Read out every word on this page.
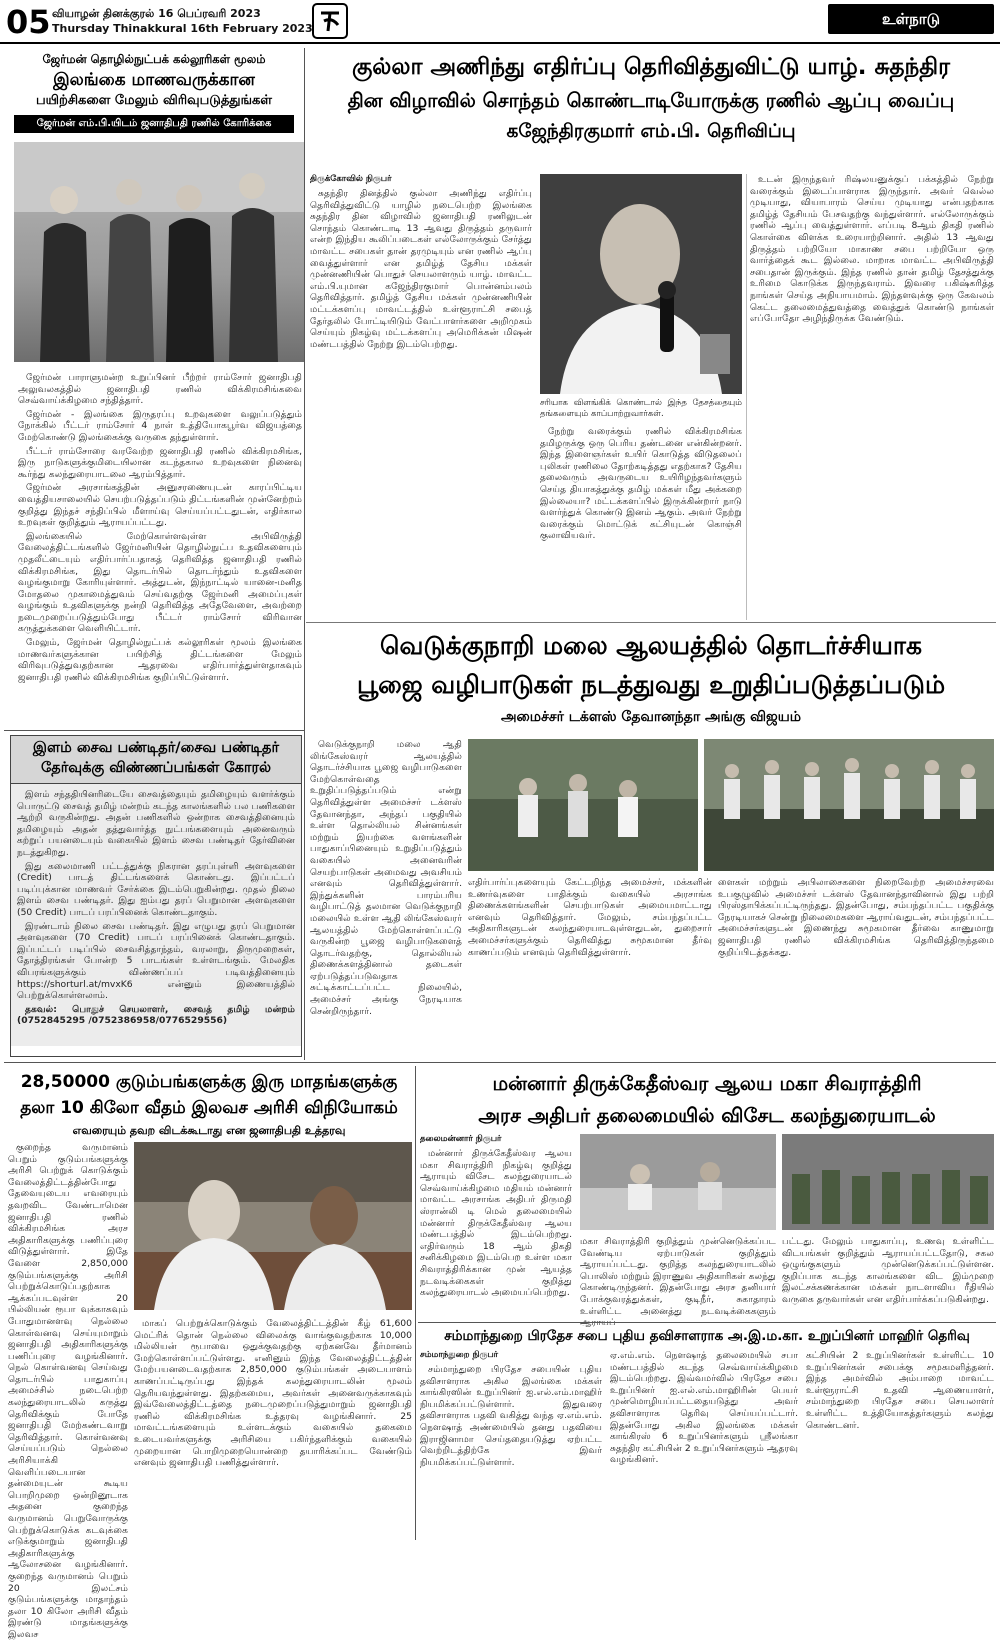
05 வியாழன் தினக்குரல் 16 பெப்ரவரி 2023
Thursday Thinakkural 16th February 2023
உள்நாடு
ஜேர்மன் தொழில்நுட்பக் கல்லூரிகள் மூலம்
இலங்கை மாணவருக்கான
பயிற்சிகளை மேலும் விரிவுபடுத்துங்கள்
ஜேர்மன் எம்.பி.யிடம் ஜனாதிபதி ரணில் கோரிக்கை

ஜேர்மன் பாராளுமன்ற உறுப்பினர் பீற்றர் ராம்சோர் ஜனாதிபதி அலுவலகத்தில் ஜனாதிபதி ரணில் விக்கிரமசிங்கவை செவ்வாய்க்கிழமை சந்தித்தார்.

ஜேர்மன் - இலங்கை இருதரப்பு உறவுகளை வலுப்படுத்தும் நோக்கில் பீட்டர் ராம்சோர் 4 நாள் உத்தியோகபூர்வ விஜயத்தை மேற்கொண்டு இலங்கைக்கு வருகை தந்துள்ளார்.

பீட்டர் ராம்சோரை வரவேற்ற ஜனாதிபதி ரணில் விக்கிரமசிங்க, இரு நாடுகளுக்குமிடையிலான கடந்தகால உறவுகளை நினைவு கூர்ந்து கலந்துரையாடலை ஆரம்பித்தார்.

ஜேர்மன் அரசாங்கத்தின் அனுசரணையுடன் காரப்பிட்டிய வைத்தியசாலையில் செயற்படுத்தப்படும் திட்டங்களின் முன்னேற்றம் குறித்து இந்தச் சந்திப்பில் மீளாய்வு செய்யப்பட்டதுடன், எதிர்கால உறவுகள் குறித்தும் ஆராயப்பட்டது.

இலங்கையில் மேற்கொள்ளவுள்ள அபிவிருத்தி வேலைத்திட்டங்களில் ஜேர்மனியின் தொழில்நுட்ப உதவிகளையும் முதலீட்டையும் எதிர்பார்ப்பதாகத் தெரிவித்த ஜனாதிபதி ரணில் விக்கிரமசிங்க, இது தொடர்பில் தொடர்ந்தும் உதவிகளை வழங்குமாறு கோரியுள்ளார். அத்துடன், இந்நாட்டில் யானை-மனித மோதலை முகாமைத்துவம் செய்வதற்கு ஜேர்மனி அமைப்புகள் வழங்கும் உதவிகளுக்கு நன்றி தெரிவித்த அதேவேளை, அவற்றை நடைமுறைப்படுத்தும்போது பீட்டர் ராம்சோர் விரிவான கருத்துக்களை வெளியிட்டார்.

மேலும், ஜேர்மன் தொழில்நுட்பக் கல்லூரிகள் மூலம் இலங்கை மாணவர்களுக்கான பயிற்சித் திட்டங்களை மேலும் விரிவுபடுத்துவதற்கான ஆதரவை எதிர்பார்த்துள்ளதாகவும் ஜனாதிபதி ரணில் விக்கிரமசிங்க குறிப்பிட்டுள்ளார்.

இளம் சைவ பண்டிதர்/சைவ பண்டிதர்
தேர்வுக்கு விண்ணப்பங்கள் கோரல்

இளம் சந்ததியினரிடையே சைவத்தையும் தமிழையும் வளர்க்கும் பொருட்டு சைவத் தமிழ் மன்றம் கடந்த காலங்களில் பல பணிகளை ஆற்றி வருகின்றது. அதன் பணிகளில் ஒன்றாக சைவத்தினையும் தமிழையும் அதன் தத்துவார்த்த நுட்பங்களையும் அனைவரும் கற்றுப் பயனடையும் வகையில் இளம் சைவ பண்டிதர் தேர்வினை நடத்துகிறது.

இது கலைமாணி பட்டத்துக்கு நிகரான தரப்புள்ளி அளவுகளை (Credit) பாடத் திட்டங்களைக் கொண்டது. இப்பட்டப் படிப்புக்கான மாணவர் சேர்க்கை இடம்பெறுகின்றது. முதல் நிலை இளம் சைவ பண்டிதர். இது ஐம்பது தரப் பெறுமான அளவுகளை (50 Credit) பாடப் பரப்பினைக் கொண்டதாகும்.

இரண்டாம் நிலை சைவ பண்டிதர். இது எழுபது தரப் பெறுமான அளவுகளை (70 Credit) பாடப் பரப்பினைக் கொண்டதாகும். இப்பட்டப் படிப்பில் சைவசித்தாந்தம், வரலாறு, திருமுறைகள், தோத்திரங்கள் போன்ற 5 பாடங்கள் உள்ளடங்கும். மேலதிக விபரங்களுக்கும் விண்ணப்பப் படிவத்தினையும் https://shorturl.at/mvxK6 என்னும் இணையத்தில் பெற்றுக்கொள்ளலாம்.

தகவல்: பொதுச் செயலாளர், சைவத் தமிழ் மன்றம் (0752845295 /0752386958/0776529556)

குல்லா அணிந்து எதிர்ப்பு தெரிவித்துவிட்டு யாழ். சுதந்திர
தின விழாவில் சொந்தம் கொண்டாடியோருக்கு ரணில் ஆப்பு வைப்பு
கஜேந்திரகுமார் எம்.பி. தெரிவிப்பு
திருக்கோவில் நிருபர்
சுதந்திர தினத்தில் குல்லா அணிந்து எதிர்ப்பு தெரிவித்துவிட்டு யாழில் நடைபெற்ற இலங்கை சுதந்திர தின விழாவில் ஜனாதிபதி ரணிலுடன் சொந்தம் கொண்டாடி 13 ஆவது திருத்தம் தருவார் என்ற இந்திய கூலிப்படைகள் எல்லோருக்கும் சேர்த்து மாவட்ட சபைகள் தான் தரமுடியும் என ரணில் ஆப்பு வைத்துள்ளார் என தமிழ்த் தேசிய மக்கள் முன்னணியின் பொதுச் செயலாளரும் யாழ். மாவட்ட எம்.பி.யுமான கஜேந்திரகுமார் பொன்னம்பலம் தெரிவித்தார். தமிழ்த் தேசிய மக்கள் முன்னணியின் மட்டக்களப்பு மாவட்டத்தில் உள்ளூராட்சி சபைத் தேர்தலில் போட்டியிடும் வேட்பாளர்களை அறிமுகம் செய்யும் நிகழ்வு மட்டக்களப்பு அமெரிக்கன் மிஷன் மண்டபத்தில் நேற்று இடம்பெற்றது.
சரியாக விளங்கிக் கொண்டால் இந்த தேசத்தையும் தங்களையும் காப்பாற்றுவார்கள்.
நேற்று வரைக்கும் ரணில் விக்கிரமசிங்க தமிழருக்கு ஒரு பெரிய தண்டனை என்கின்றனர். இந்த இளைஞர்கள் உயிர் கொடுத்த விடுதலைப் புலிகள் ரணிலை தோற்கடித்தது எதற்காக? தேசிய தலைவரும் அவருடைய உயிரிழந்தவர்களும் செய்த தியாகத்துக்கு தமிழ் மக்கள் மீது அக்கறை இல்லையா? மட்டக்களப்பில் இருக்கின்றார் நாடு வளர்ந்துக் கொண்டு இனம் ஆகும். அவர் நேற்று வரைக்கும் மொட்டுக் கட்சியுடன் கொஞ்சி குலாவியவர்.
உடன் இருந்தவர் ரிஷ்லயனுக்குப் பக்கத்தில் நேற்று வரைக்கும் இடைப்பாளராக இருந்தார். அவர் வெல்ல முடியாது, வியாபாரம் செய்ய முடியாது என்பதற்காக தமிழ்த் தேசியம் பேசவதற்கு வந்துள்ளார். எல்லோருக்கும் ரணில் ஆப்பு வைத்துள்ளார். எப்படி 8ஆம் திகதி ரணில் கொள்கை விளக்க உரையாற்றினார். அதில் 13 ஆவது திருத்தம் பற்றியோ மாகாண சபை பற்றியோ ஒரு வார்த்தைக் கூட இல்லை. மாறாக மாவட்ட அபிவிருத்தி சபைதான் இருக்கும். இந்த ரணில் தான் தமிழ் தேசத்துக்கு உரிமை கொடுக்க இருந்தவராம். இவரை பகிஷ்கரித்த நாங்கள் செய்த அநியாயமாம். இந்தளவுக்கு ஒரு கேவலம் கெட்ட தலைமைத்துவத்தை வைத்துக் கொண்டு நாங்கள் எப்போதோ அழிந்திருக்க வேண்டும்.
வெடுக்குநாறி மலை ஆலயத்தில் தொடர்ச்சியாக
பூஜை வழிபாடுகள் நடத்துவது உறுதிப்படுத்தப்படும்
அமைச்சர் டக்ளஸ் தேவானந்தா அங்கு விஜயம்
வெடுக்குநாறி மலை ஆதி லிங்கேஸ்வரர் ஆலயத்தில் தொடர்ச்சியாக பூஜை வழிபாடுகளை மேற்கொள்வதை உறுதிப்படுத்தப்படும் என்று தெரிவித்துள்ள அமைச்சர் டக்ளஸ் தேவானந்தா, அந்தப் பகுதியில் உள்ள தொல்லியல் சின்னங்கள் மற்றும் இயற்கை வளங்களின் பாதுகாப்பினையும் உறுதிப்படுத்தும் வகையில் அனைவரின் செயற்பாடுகள் அமைவது அவசியம் எனவும் தெரிவித்துள்ளார். இந்துக்களின் பாரம்பரிய வழிபாட்டுத் தலமான வெடுக்குநாறி மலையில் உள்ள ஆதி லிங்கேஸ்வரர் ஆலயத்தில் மேற்கொள்ளப்பட்டு வருகின்ற பூஜை வழிபாடுகளைத் தொடர்வதற்கு, தொல்லியல் திணைக்களத்தினால் தடைகள் ஏற்படுத்தப்படுவதாக சுட்டிக்காட்டப்பட்ட நிலையில், அமைச்சர் அங்கு நேரடியாக சென்றிருந்தார்.
எதிர்பார்ப்புகளையும் கேட்டறிந்த அமைச்சர், மக்களின் உணர்வுகளை பாதிக்கும் வகையில் அரசாங்க திணைக்களங்களின் செயற்பாடுகள் அமையமாட்டாது எனவும் தெரிவித்தார். மேலும், சம்பந்தப்பட்ட அதிகாரிகளுடன் கலந்துரையாடவுள்ளதுடன், துறைசார் அமைச்சர்களுக்கும் தெரிவித்து சுமூகமான தீர்வு காணப்படும் எனவும் தெரிவித்துள்ளார்.
ளைகள் மற்றும் அபிலாசைகளை நிறைவேற்ற அமைச்சரவை உபகுழுவில் அமைச்சர் டக்ளஸ் தேவானந்தாவினால் இது பற்றி பிரஸ்தாபிக்கப்பட்டிருந்தது. இதன்போது, சம்பந்தப்பட்ட பகுதிக்கு நேரடியாகச் சென்று நிலைமைகளை ஆராய்வதுடன், சம்பந்தப்பட்ட அமைச்சர்களுடன் இணைந்து சுமூகமான தீர்வை காணுமாறு ஜனாதிபதி ரணில் விக்கிரமசிங்க தெரிவித்திருந்தமை குறிப்பிடத்தக்கது.
28,50000 குடும்பங்களுக்கு இரு மாதங்களுக்கு
தலா 10 கிலோ வீதம் இலவச அரிசி விநியோகம்
எவரையும் தவற விடக்கூடாது என ஜனாதிபதி உத்தரவு
குறைந்த வருமானம் பெறும் குடும்பங்களுக்கு அரிசி பெற்றுக் கொடுக்கும் வேலைத்திட்டத்தின்போது தேவையுடைய எவரையும் தவறவிட வேண்டாமென ஜனாதிபதி ரணில் விக்கிரமசிங்க அரச அதிகாரிகளுக்கு பணிப்புரை விடுத்துள்ளார். இதே வேளை 2,850,000 குடும்பங்களுக்கு அரிசி பெற்றுக்கொடுப்பதற்காக ஆக்கப்படவுள்ள 20 பில்லியன் ரூபா வுக்காகவும் போதுமானளவு நெல்லை கொள்வனவு செய்யுமாறும் ஜனாதிபதி அதிகாரிகளுக்கு பணிப்புரை வழங்கினார். நெல் கொள்வனவு செய்வது தொடர்பில் பாதுகாப்பு அமைச்சில் நடைபெற்ற கலந்துரையாடலில் கருத்து தெரிவிக்கும் போதே ஜனாதிபதி மேற்கண்டவாறு தெரிவித்தார். கொள்வனவு செய்யப்படும் நெல்லை அரிசியாக்கி வெளிப்படையான தன்மையுடன் கூடிய பொறிமுறை ஒன்றினூடாக அதனை குறைந்த வருமானம் பெறுவோருக்கு பெற்றுக்கொடுக்க கடவுக்கை எடுக்குமாறும் ஜனாதிபதி அதிகாரிகளுக்கு ஆலோசனை வழங்கினார். குறைந்த வருமானம் பெறும் 20 இலட்சம் குடும்பங்களுக்கு மாதாந்தம் தலா 10 கிலோ அரிசி வீதம் இரண்டு மாதங்களுக்கு இலவச
மாகப் பெற்றுக்கொடுக்கும் வேலைத்திட்டத்தின் கீழ் 61,600 மெட்ரிக் தொன் நெல்லை விலைக்கு வாங்குவதற்காக 10,000 மில்லியன் ரூபாவை ஒதுக்குவதற்கு ஏற்கனவே தீர்மானம் மேற்கொள்ளப்பட்டுள்ளது. எனினும் இந்த வேலைத்திட்டத்தின் மேற்பயனடைவதற்காக 2,850,000 குடும்பங்கள் அடையாளம் காணப்பட்டிருப்பது இந்தக் கலந்துரையாடலின் மூலம் தெரியவந்துள்ளது. இதற்கமைய, அவர்கள் அனைவருக்காகவும் இவ்வேலைத்திட்டத்தை நடைமுறைப்படுத்துமாறும் ஜனாதிபதி ரணில் விக்கிரமசிங்க உத்தரவு வழங்கினார். 25 மாவட்டங்களையும் உள்ளடக்கும் வகையில் தகைமை உடையவர்களுக்கு அரிசியை பகிர்ந்தளிக்கும் வகையில் முறையான பொறிமுறையொன்றை தயாரிக்கப்பட வேண்டும் எனவும் ஜனாதிபதி பணித்துள்ளார்.
மன்னார் திருக்கேதீஸ்வர ஆலய மகா சிவராத்திரி
அரச அதிபர் தலைமையில் விசேட கலந்துரையாடல்
தலைமன்னார் நிருபர்
மன்னார் திருக்கேதீஸ்வர ஆலய மகா சிவராத்திரி நிகழ்வு குறித்து ஆராயும் விசேட கலந்துரையாடல் செவ்வாய்க்கிழமை மதியம் மன்னார் மாவட்ட அரசாங்க அதிபர் திருமதி ஸ்ரான்லி டி மெல் தலைமையில் மன்னார் திருக்கேதீஸ்வர ஆலய மண்டபத்தில் இடம்பெற்றது. எதிர்வரும் 18 ஆம் திகதி சனிக்கிழமை இடம்பெற உள்ள மகா சிவராத்திரிக்கான முன் ஆயத்த நடவடிக்கைகள் குறித்து கலந்துரையாடல் அமையப்பெற்றது.
மகா சிவராத்திரி குறித்தும் முன்னெடுக்கப்பட வேண்டிய ஏற்பாடுகள் குறித்தும் ஆராயப்பட்டது. குறித்த கலந்துரையாடலில் பொலிஸ் மற்றும் இராணுவ அதிகாரிகள் கலந்து கொண்டிருந்தனர். இதன்போது அரச தனியார் போக்குவரத்துக்கள், குடிநீர், சுகாதாரம் உள்ளிட்ட அனைத்து நடவடிக்கைகளும்
பட்டது. மேலும் பாதுகாப்பு, உணவு உள்ளிட்ட விடயங்கள் குறித்தும் ஆராயப்பட்டதோடு, சகல ஒழுங்குகளும் முன்னெடுக்கப்பட்டுள்ளன. குறிப்பாக கடந்த காலங்களை விட இம்முறை இலட்சக்கணக்கான மக்கள் நாடளாவிய ரீதியில் வருகை தருவார்கள் என எதிர்பார்க்கப்படுகின்றது.
சம்மாந்துறை பிரதேச சபை புதிய தவிசாளராக அ.இ.ம.கா. உறுப்பினர் மாஹிர் தெரிவு
சம்மாந்துறை நிருபர்
சம்மாந்துறை பிரதேச சபையின் புதிய தவிசாளராக அகில இலங்கை மக்கள் காங்கிரஸின் உறுப்பினர் ஐ.எல்.எம்.மாஹிர் நியமிக்கப்பட்டுள்ளார். இதுவரை தவிசாளராக பதவி வகித்து வந்த ஏ.எம்.எம். நௌஷாத் அண்மையில் தனது பதவியை இராஜினாமா செய்ததையடுத்து ஏற்பட்ட வெற்றிடத்திற்கே இவர் நியமிக்கப்பட்டுள்ளார்.
ஏ.எம்.எம். நௌஷாத் தலைமையில் சபா மண்டபத்தில் கடந்த செவ்வாய்க்கிழமை இடம்பெற்றது. இவ்வமர்வில் பிரதேச சபை உறுப்பினர் ஐ.எல்.எம்.மாஹிரின் பெயர் முன்மொழியப்பட்டதையடுத்து அவர் தவிசாளராக தெரிவு செய்யப்பட்டார். இதன்போது அகில இலங்கை மக்கள் காங்கிரஸ் 6 உறுப்பினர்களும் ஸ்ரீலங்கா சுதந்திர கட்சியின் 2 உறுப்பினர்களும் ஆதரவு வழங்கினர்.
கட்சியின் 2 உறுப்பினர்கள் உள்ளிட்ட 10 உறுப்பினர்கள் சபைக்கு சமூகமளித்தனர். இந்த அமர்வில் அம்பாறை மாவட்ட உள்ளூராட்சி உதவி ஆணையாளர், சம்மாந்துறை பிரதேச சபை செயலாளர் உள்ளிட்ட உத்தியோகத்தர்களும் கலந்து கொண்டனர்.
